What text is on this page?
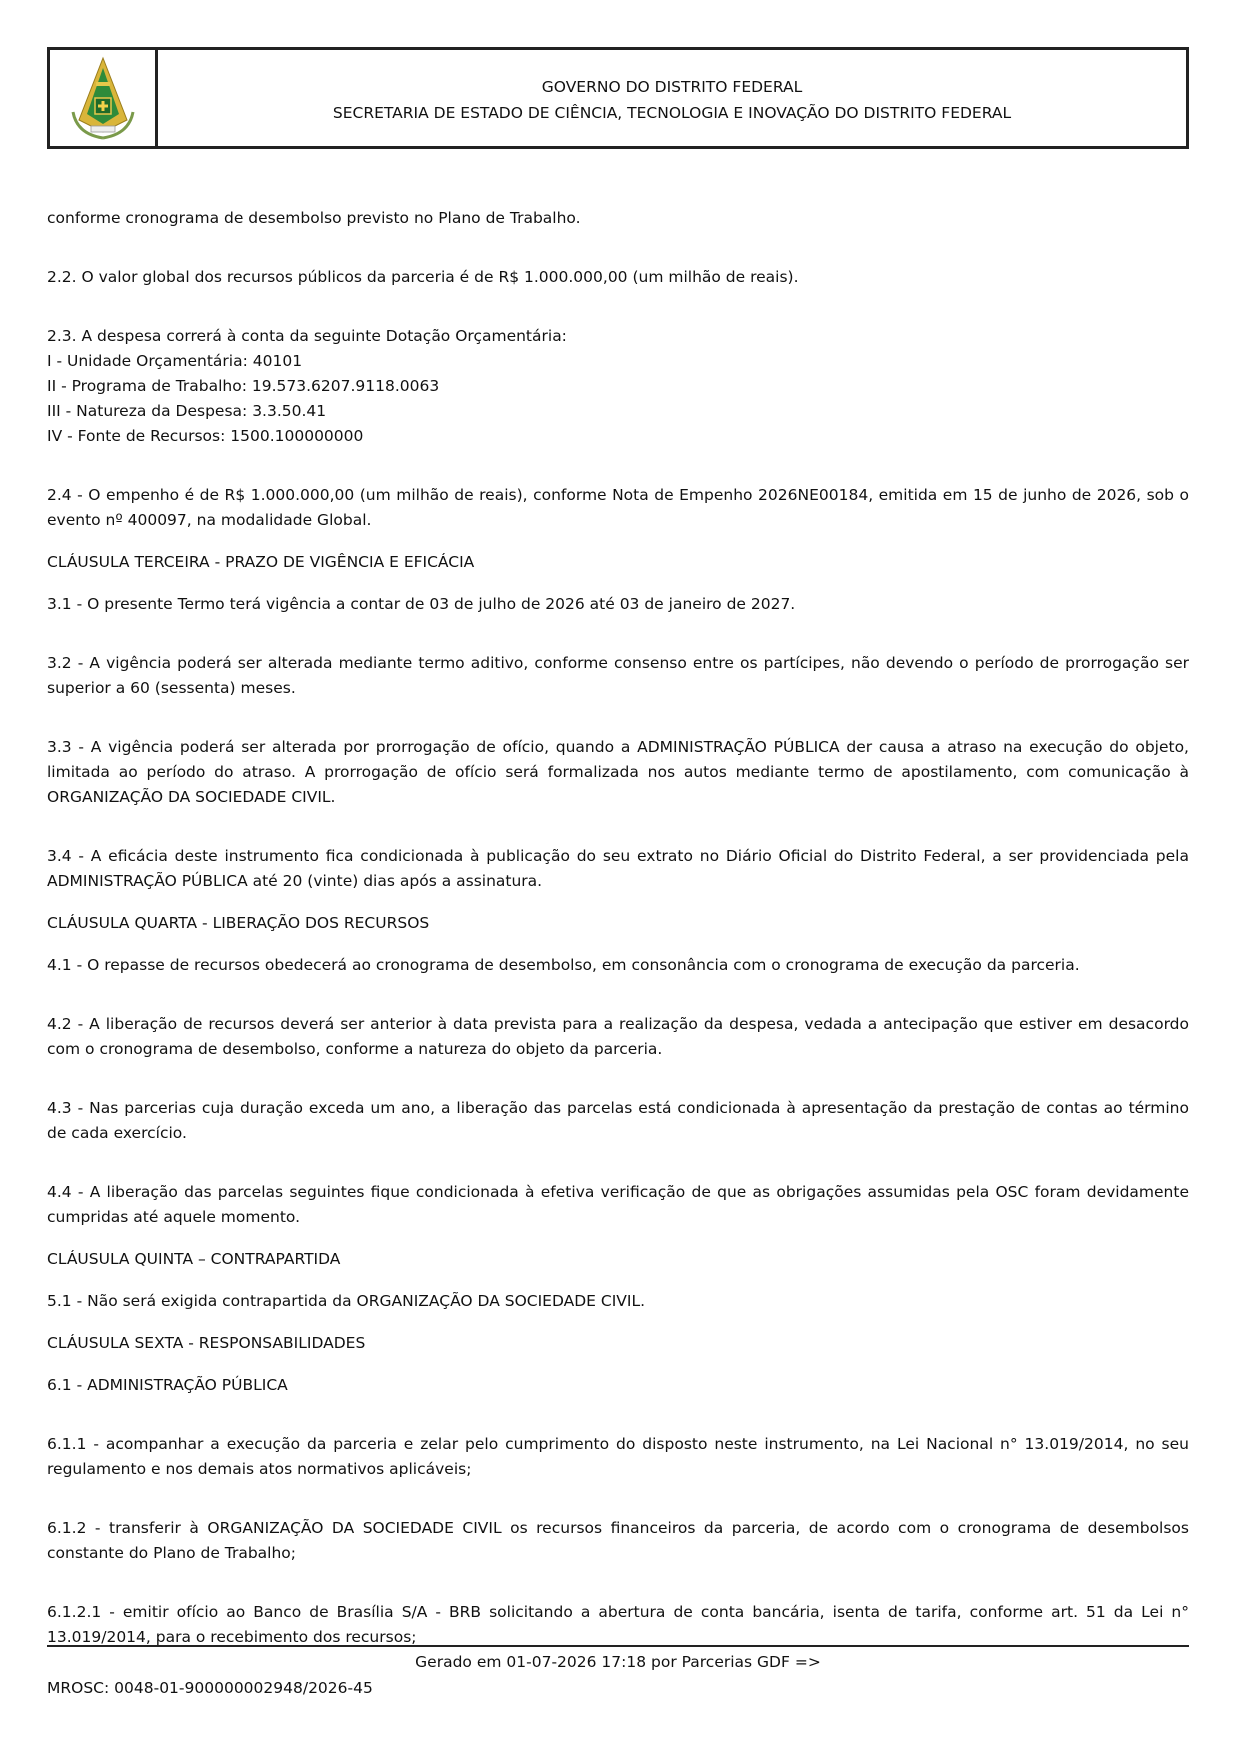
GOVERNO DO DISTRITO FEDERAL
SECRETARIA DE ESTADO DE CIÊNCIA, TECNOLOGIA E INOVAÇÃO DO DISTRITO FEDERAL

conforme cronograma de desembolso previsto no Plano de Trabalho.

2.2. O valor global dos recursos públicos da parceria é de R$ 1.000.000,00 (um milhão de reais).

2.3. A despesa correrá à conta da seguinte Dotação Orçamentária:

I - Unidade Orçamentária: 40101

II - Programa de Trabalho: 19.573.6207.9118.0063

III - Natureza da Despesa: 3.3.50.41

IV - Fonte de Recursos: 1500.100000000

2.4 - O empenho é de R$ 1.000.000,00 (um milhão de reais), conforme Nota de Empenho 2026NE00184, emitida em 15 de junho de 2026, sob o evento nº 400097, na modalidade Global.

CLÁUSULA TERCEIRA - PRAZO DE VIGÊNCIA E EFICÁCIA

3.1 - O presente Termo terá vigência a contar de 03 de julho de 2026 até 03 de janeiro de 2027.

3.2 - A vigência poderá ser alterada mediante termo aditivo, conforme consenso entre os partícipes, não devendo o período de prorrogação ser superior a 60 (sessenta) meses.

3.3 - A vigência poderá ser alterada por prorrogação de ofício, quando a ADMINISTRAÇÃO PÚBLICA der causa a atraso na execução do objeto, limitada ao período do atraso. A prorrogação de ofício será formalizada nos autos mediante termo de apostilamento, com comunicação à ORGANIZAÇÃO DA SOCIEDADE CIVIL.

3.4 - A eficácia deste instrumento fica condicionada à publicação do seu extrato no Diário Oficial do Distrito Federal, a ser providenciada pela ADMINISTRAÇÃO PÚBLICA até 20 (vinte) dias após a assinatura.

CLÁUSULA QUARTA - LIBERAÇÃO DOS RECURSOS

4.1 - O repasse de recursos obedecerá ao cronograma de desembolso, em consonância com o cronograma de execução da parceria.

4.2 - A liberação de recursos deverá ser anterior à data prevista para a realização da despesa, vedada a antecipação que estiver em desacordo com o cronograma de desembolso, conforme a natureza do objeto da parceria.

4.3 - Nas parcerias cuja duração exceda um ano, a liberação das parcelas está condicionada à apresentação da prestação de contas ao término de cada exercício.

4.4 - A liberação das parcelas seguintes fique condicionada à efetiva verificação de que as obrigações assumidas pela OSC foram devidamente cumpridas até aquele momento.

CLÁUSULA QUINTA – CONTRAPARTIDA

5.1 - Não será exigida contrapartida da ORGANIZAÇÃO DA SOCIEDADE CIVIL.

CLÁUSULA SEXTA - RESPONSABILIDADES

6.1 - ADMINISTRAÇÃO PÚBLICA

6.1.1 - acompanhar a execução da parceria e zelar pelo cumprimento do disposto neste instrumento, na Lei Nacional n° 13.019/2014, no seu regulamento e nos demais atos normativos aplicáveis;

6.1.2 - transferir à ORGANIZAÇÃO DA SOCIEDADE CIVIL os recursos financeiros da parceria, de acordo com o cronograma de desembolsos constante do Plano de Trabalho;

6.1.2.1 - emitir ofício ao Banco de Brasília S/A - BRB solicitando a abertura de conta bancária, isenta de tarifa, conforme art. 51 da Lei n° 13.019/2014, para o recebimento dos recursos;

Gerado em 01-07-2026 17:18 por Parcerias GDF =>
MROSC: 0048-01-900000002948/2026-45
